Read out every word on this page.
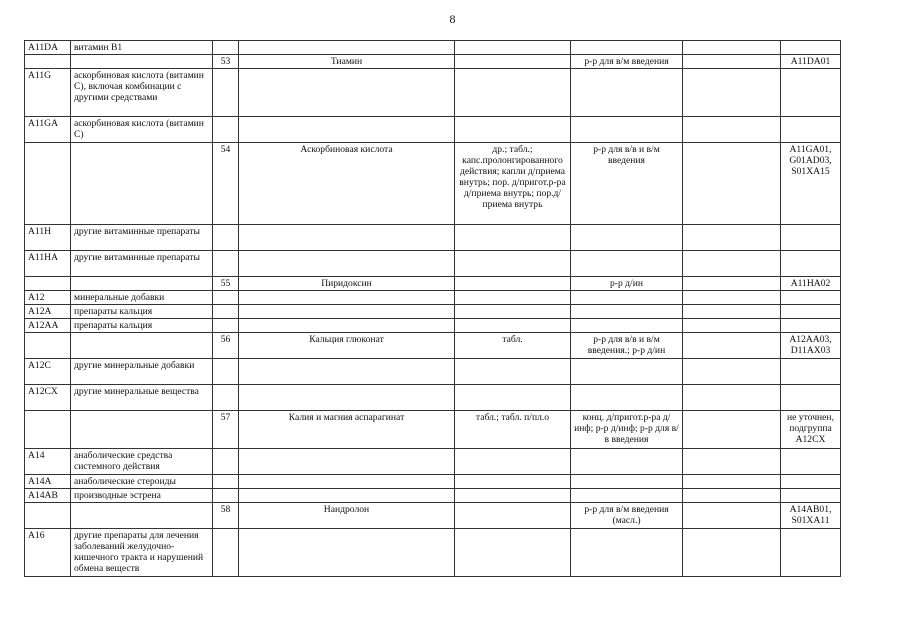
8
A11DA	витамин B1						
		53	Тиамин		р-р для в/м введения		A11DA01
A11G	аскорбиновая кислота (витамин С), включая комбинации с другими средствами						
A11GA	аскорбиновая кислота (витамин С)						
		54	Аскорбиновая кислота	др.; табл.; капс.пролонгированного действия; капли д/приема внутрь; пор. д/пригот.р-ра д/приема внутрь; пор.д/приема внутрь	р-р для в/в и в/м введения		A11GA01, G01AD03, S01XA15
A11H	другие витаминные препараты						
A11HA	другие витаминные препараты						
		55	Пиридоксин		р-р д/ин		A11HA02
A12	минеральные добавки						
A12A	препараты кальция						
A12AA	препараты кальция						
		56	Кальция глюконат	табл.	р-р для в/в и в/м введения.; р-р д/ин		A12AA03, D11AX03
A12C	другие минеральные добавки						
A12CX	другие минеральные вещества						
		57	Калия и магния аспарагинат	табл.; табл. п/пл.о	конц. д/пригот.р-ра д/инф; р-р д/инф; р-р для в/в введения		не уточнен, подгруппа A12CX
A14	анаболические средства системного действия						
A14A	анаболические стероиды						
A14AB	производные эстрена						
		58	Нандролон		р-р для в/м введения (масл.)		A14AB01, S01XA11
A16	другие препараты для лечения заболеваний желудочно-кишечного тракта и нарушений обмена веществ						
